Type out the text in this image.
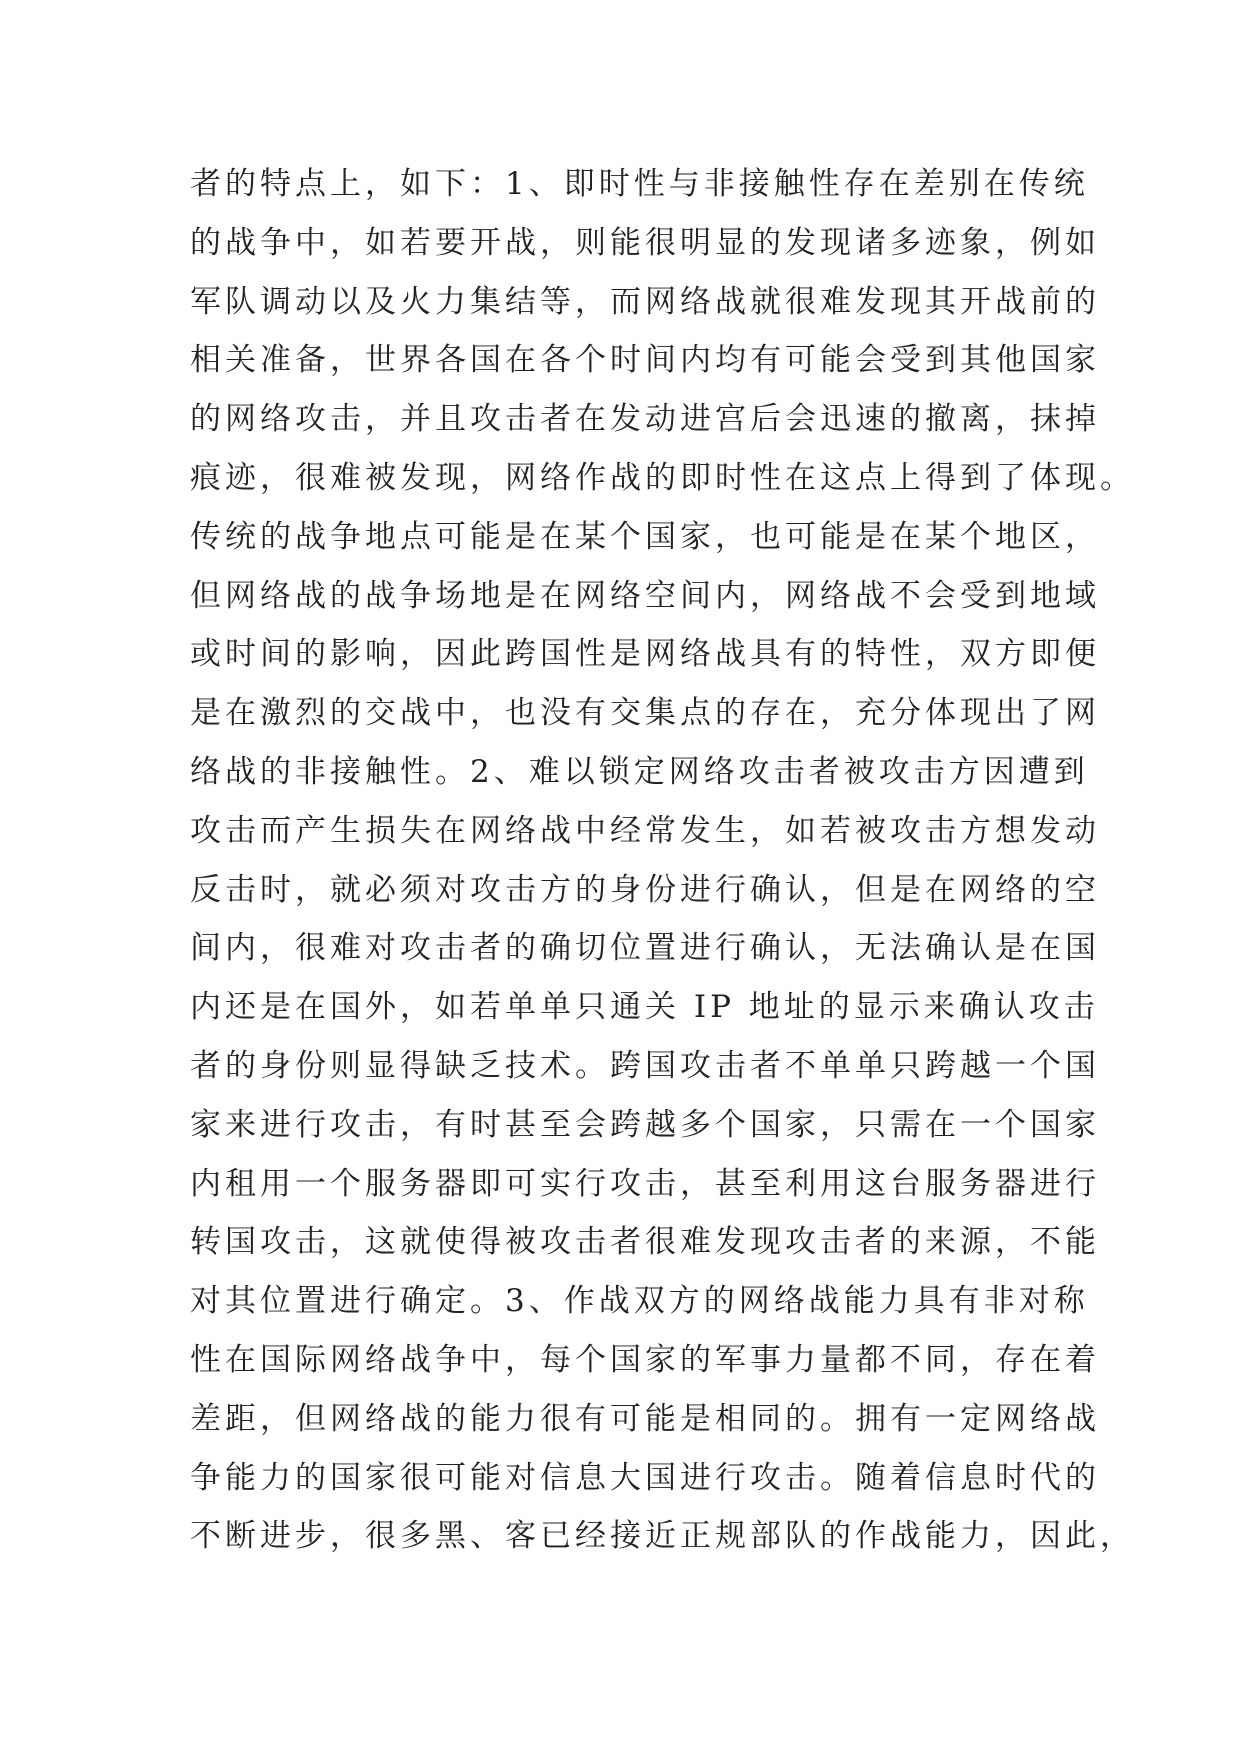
者的特点上，如下：1、即时性与非接触性存在差别在传统
的战争中，如若要开战，则能很明显的发现诸多迹象，例如
军队调动以及火力集结等，而网络战就很难发现其开战前的
相关准备，世界各国在各个时间内均有可能会受到其他国家
的网络攻击，并且攻击者在发动进宫后会迅速的撤离，抹掉
痕迹，很难被发现，网络作战的即时性在这点上得到了体现。
传统的战争地点可能是在某个国家，也可能是在某个地区，
但网络战的战争场地是在网络空间内，网络战不会受到地域
或时间的影响，因此跨国性是网络战具有的特性，双方即便
是在激烈的交战中，也没有交集点的存在，充分体现出了网
络战的非接触性。2、难以锁定网络攻击者被攻击方因遭到
攻击而产生损失在网络战中经常发生，如若被攻击方想发动
反击时，就必须对攻击方的身份进行确认，但是在网络的空
间内，很难对攻击者的确切位置进行确认，无法确认是在国
内还是在国外，如若单单只通关 IP 地址的显示来确认攻击
者的身份则显得缺乏技术。跨国攻击者不单单只跨越一个国
家来进行攻击，有时甚至会跨越多个国家，只需在一个国家
内租用一个服务器即可实行攻击，甚至利用这台服务器进行
转国攻击，这就使得被攻击者很难发现攻击者的来源，不能
对其位置进行确定。3、作战双方的网络战能力具有非对称
性在国际网络战争中，每个国家的军事力量都不同，存在着
差距，但网络战的能力很有可能是相同的。拥有一定网络战
争能力的国家很可能对信息大国进行攻击。随着信息时代的
不断进步，很多黑、客已经接近正规部队的作战能力，因此，
